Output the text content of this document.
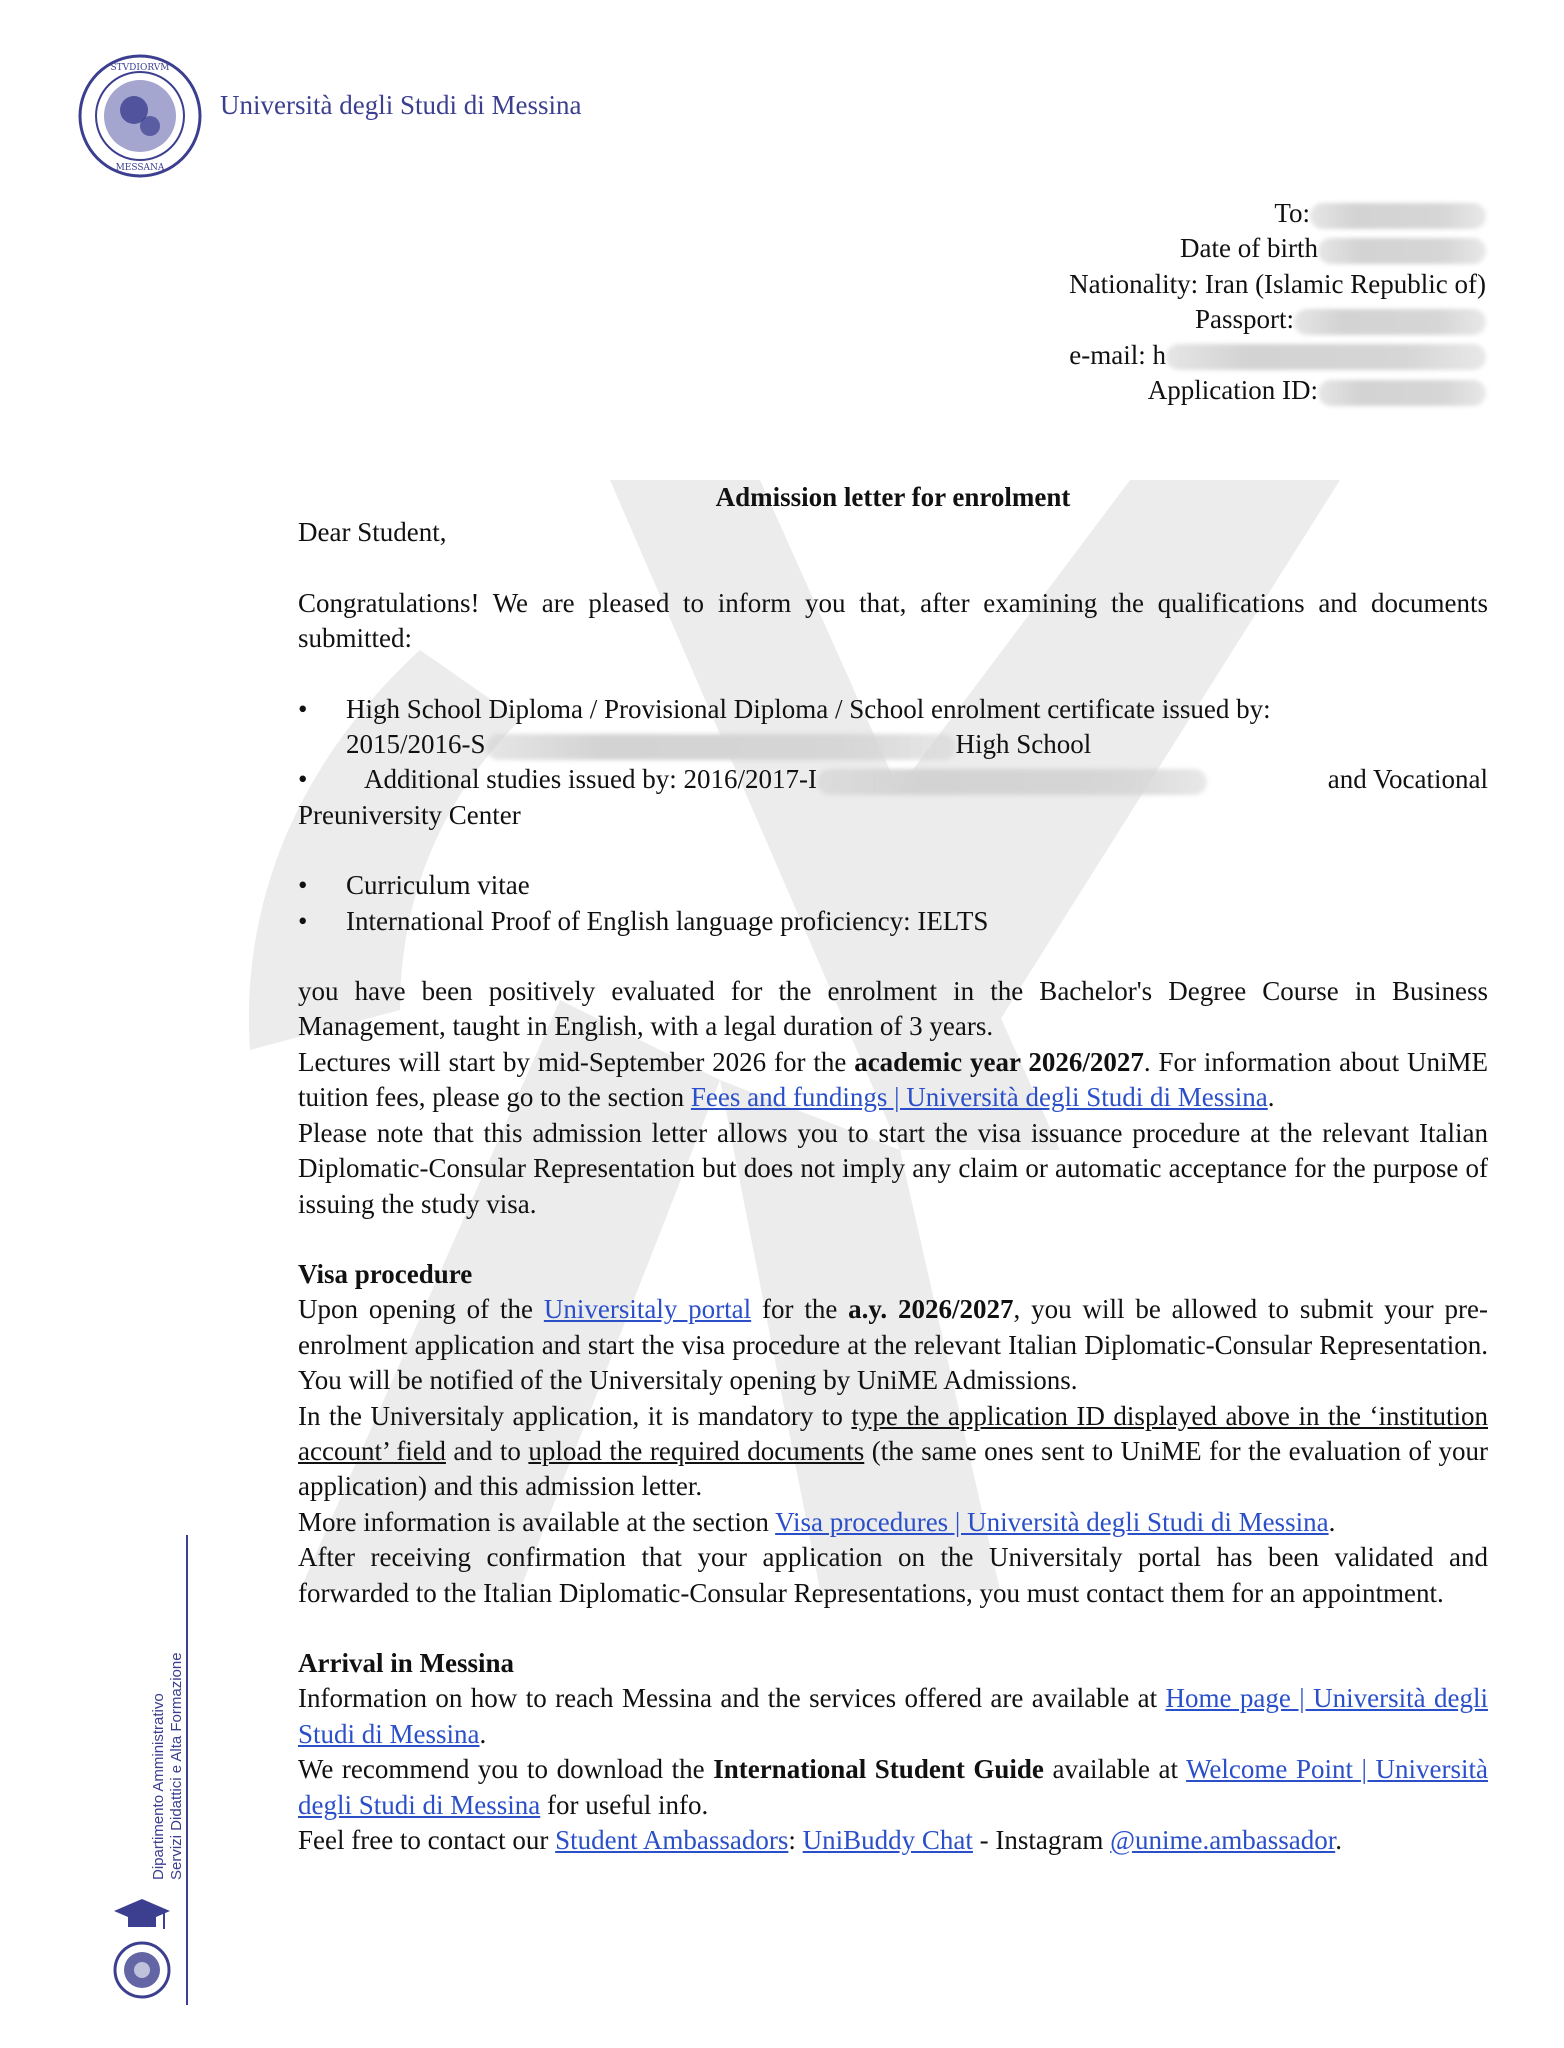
STVDIORVM
MESSANA
Università degli Studi di Messina
To:
Date of birth
Nationality: Iran (Islamic Republic of)
Passport:
e-mail: h
Application ID:

Admission letter for enrolment

Dear Student,

Congratulations! We are pleased to inform you that, after examining the qualifications and documents submitted:

• High School Diploma / Provisional Diploma / School enrolment certificate issued by:
2015/2016-S	High School
• Additional studies issued by: 2016/2017-I	and Vocational
Preuniversity Center
• Curriculum vitae
• International Proof of English language proficiency: IELTS

you have been positively evaluated for the enrolment in the Bachelor's Degree Course in Business Management, taught in English, with a legal duration of 3 years.

Lectures will start by mid-September 2026 for the academic year 2026/2027. For information about UniME tuition fees, please go to the section Fees and fundings | Università degli Studi di Messina.

Please note that this admission letter allows you to start the visa issuance procedure at the relevant Italian Diplomatic-Consular Representation but does not imply any claim or automatic acceptance for the purpose of issuing the study visa.

Visa procedure

Upon opening of the Universitaly portal for the a.y. 2026/2027, you will be allowed to submit your pre-enrolment application and start the visa procedure at the relevant Italian Diplomatic-Consular Representation. You will be notified of the Universitaly opening by UniME Admissions.

In the Universitaly application, it is mandatory to type the application ID displayed above in the ‘institution account’ field and to upload the required documents (the same ones sent to UniME for the evaluation of your application) and this admission letter.

More information is available at the section Visa procedures | Università degli Studi di Messina.

After receiving confirmation that your application on the Universitaly portal has been validated and forwarded to the Italian Diplomatic-Consular Representations, you must contact them for an appointment.

Arrival in Messina

Information on how to reach Messina and the services offered are available at Home page | Università degli Studi di Messina.

We recommend you to download the International Student Guide available at Welcome Point | Università degli Studi di Messina for useful info.

Feel free to contact our Student Ambassadors: UniBuddy Chat - Instagram @unime.ambassador.

Dipartimento Amministrativo Servizi Didattici e Alta Formazione
